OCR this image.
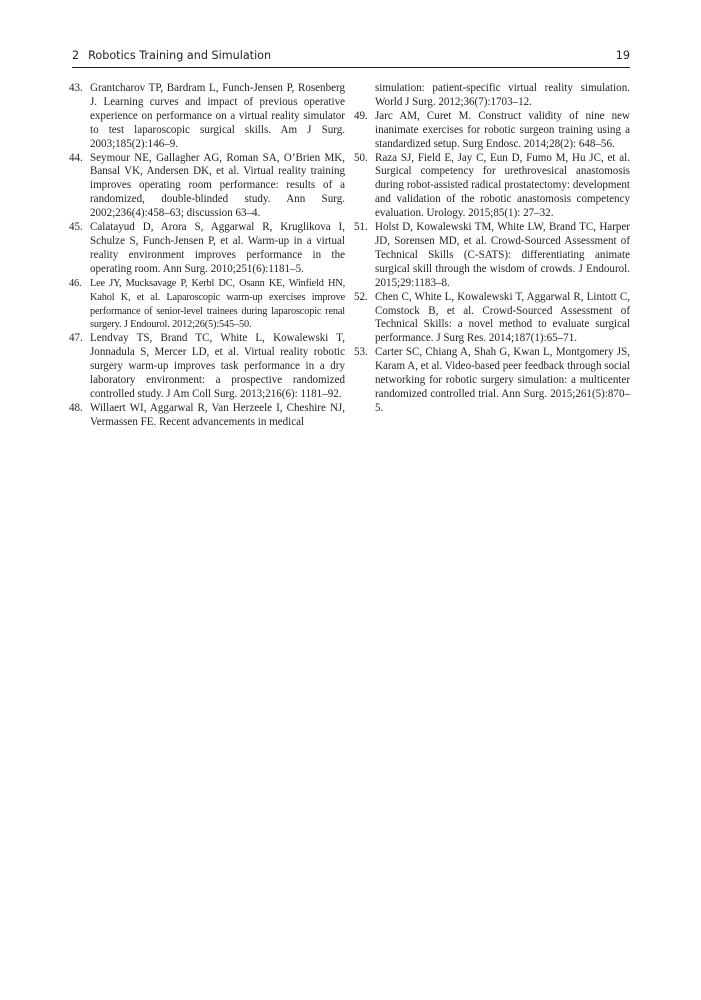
2 Robotics Training and Simulation	19
43. Grantcharov TP, Bardram L, Funch-Jensen P, Rosenberg J. Learning curves and impact of previous operative experience on performance on a virtual reality simulator to test laparoscopic surgical skills. Am J Surg. 2003;185(2):146–9.
44. Seymour NE, Gallagher AG, Roman SA, O’Brien MK, Bansal VK, Andersen DK, et al. Virtual reality training improves operating room performance: results of a randomized, double-blinded study. Ann Surg. 2002;236(4):458–63; discussion 63–4.
45. Calatayud D, Arora S, Aggarwal R, Kruglikova I, Schulze S, Funch-Jensen P, et al. Warm-up in a virtual reality environment improves performance in the operating room. Ann Surg. 2010;251(6):1181–5.
46. Lee JY, Mucksavage P, Kerbl DC, Osann KE, Winfield HN, Kahol K, et al. Laparoscopic warm-up exercises improve performance of senior-level trainees during laparoscopic renal surgery. J Endourol. 2012;26(5):545–50.
47. Lendvay TS, Brand TC, White L, Kowalewski T, Jonnadula S, Mercer LD, et al. Virtual reality robotic surgery warm-up improves task performance in a dry laboratory environment: a prospective randomized controlled study. J Am Coll Surg. 2013;216(6): 1181–92.
48. Willaert WI, Aggarwal R, Van Herzeele I, Cheshire NJ, Vermassen FE. Recent advancements in medical
simulation: patient-specific virtual reality simulation. World J Surg. 2012;36(7):1703–12.
49. Jarc AM, Curet M. Construct validity of nine new inanimate exercises for robotic surgeon training using a standardized setup. Surg Endosc. 2014;28(2): 648–56.
50. Raza SJ, Field E, Jay C, Eun D, Fumo M, Hu JC, et al. Surgical competency for urethrovesical anastomosis during robot-assisted radical prostatectomy: development and validation of the robotic anastomosis competency evaluation. Urology. 2015;85(1): 27–32.
51. Holst D, Kowalewski TM, White LW, Brand TC, Harper JD, Sorensen MD, et al. Crowd-Sourced Assessment of Technical Skills (C-SATS): differentiating animate surgical skill through the wisdom of crowds. J Endourol. 2015;29:1183–8.
52. Chen C, White L, Kowalewski T, Aggarwal R, Lintott C, Comstock B, et al. Crowd-Sourced Assessment of Technical Skills: a novel method to evaluate surgical performance. J Surg Res. 2014;187(1):65–71.
53. Carter SC, Chiang A, Shah G, Kwan L, Montgomery JS, Karam A, et al. Video-based peer feedback through social networking for robotic surgery simulation: a multicenter randomized controlled trial. Ann Surg. 2015;261(5):870–5.
